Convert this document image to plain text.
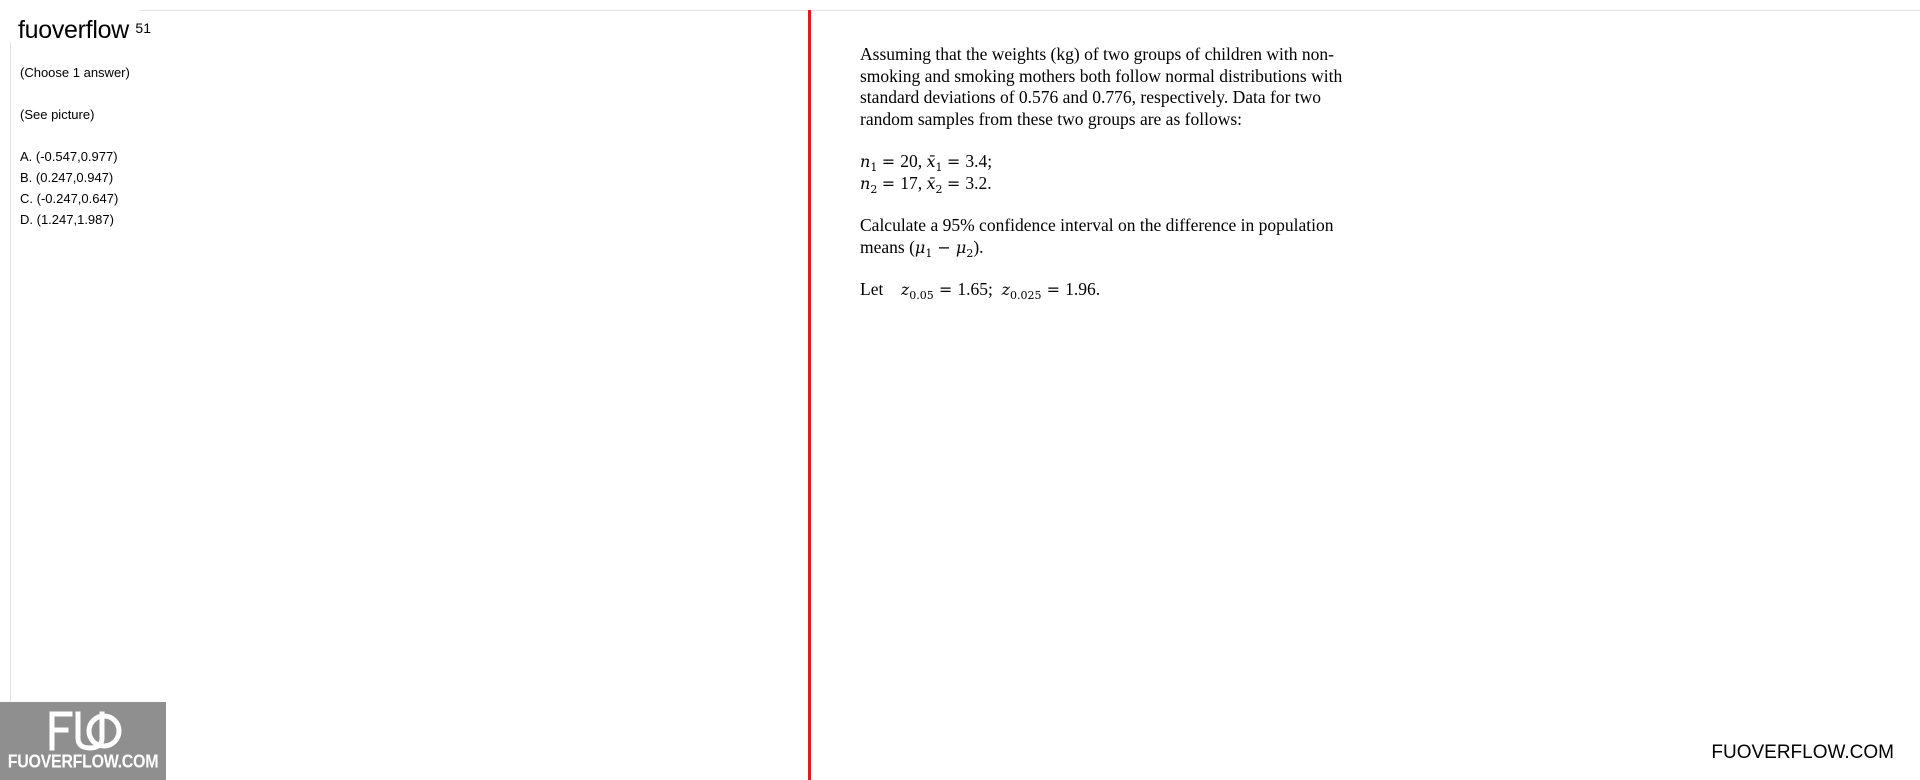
51
fuoverflow

(Choose 1 answer)

(See picture)

A. (-0.547,0.977)
B. (0.247,0.947)
C. (-0.247,0.647)
D. (1.247,1.987)

Assuming that the weights (kg) of two groups of children with non-smoking and smoking mothers both follow normal distributions with standard deviations of 0.576 and 0.776, respectively. Data for two random samples from these two groups are as follows:

$n_1 = 20$, $x̄_1 = 3.4$;
$n_2 = 17$, $x̄_2 = 3.2$.

Calculate a 95% confidence interval on the difference in population means $(\mu_1 - \mu_2)$.

Let $z_{0.05} = 1.65$; $z_{0.025} = 1.96$.

FUOVERFLOW.COM	FUOVERFLOW.COM
